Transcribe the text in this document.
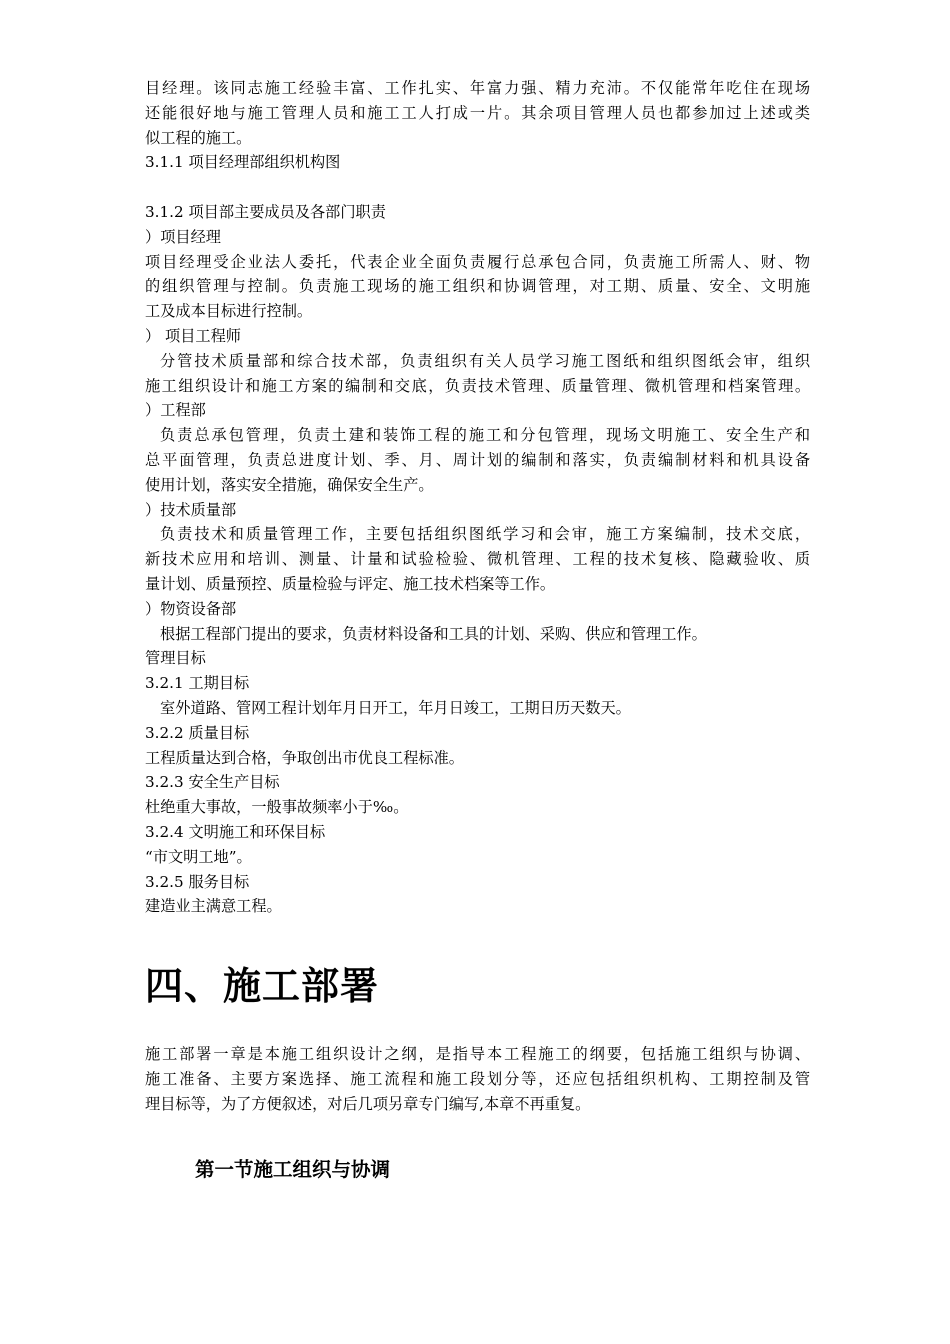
目经理。该同志施工经验丰富、工作扎实、年富力强、精力充沛。不仅能常年吃住在现场
还能很好地与施工管理人员和施工工人打成一片。其余项目管理人员也都参加过上述或类
似工程的施工。
3.1.1 项目经理部组织机构图
3.1.2 项目部主要成员及各部门职责
）项目经理
项目经理受企业法人委托，代表企业全面负责履行总承包合同，负责施工所需人、财、物
的组织管理与控制。负责施工现场的施工组织和协调管理，对工期、质量、安全、文明施
工及成本目标进行控制。
） 项目工程师
分管技术质量部和综合技术部，负责组织有关人员学习施工图纸和组织图纸会审，组织
施工组织设计和施工方案的编制和交底，负责技术管理、质量管理、微机管理和档案管理。
）工程部
负责总承包管理，负责土建和装饰工程的施工和分包管理，现场文明施工、安全生产和
总平面管理，负责总进度计划、季、月、周计划的编制和落实，负责编制材料和机具设备
使用计划，落实安全措施，确保安全生产。
）技术质量部
负责技术和质量管理工作，主要包括组织图纸学习和会审，施工方案编制，技术交底，
新技术应用和培训、测量、计量和试验检验、微机管理、工程的技术复核、隐藏验收、质
量计划、质量预控、质量检验与评定、施工技术档案等工作。
）物资设备部
根据工程部门提出的要求，负责材料设备和工具的计划、采购、供应和管理工作。
管理目标
3.2.1 工期目标
室外道路、管网工程计划年月日开工，年月日竣工，工期日历天数天。
3.2.2 质量目标
工程质量达到合格，争取创出市优良工程标准。
3.2.3 安全生产目标
杜绝重大事故，一般事故频率小于‰。
3.2.4 文明施工和环保目标
“市文明工地”。
3.2.5 服务目标
建造业主满意工程。
四、施工部署
施工部署一章是本施工组织设计之纲，是指导本工程施工的纲要，包括施工组织与协调、
施工准备、主要方案选择、施工流程和施工段划分等，还应包括组织机构、工期控制及管
理目标等，为了方便叙述，对后几项另章专门编写,本章不再重复。
第一节施工组织与协调
